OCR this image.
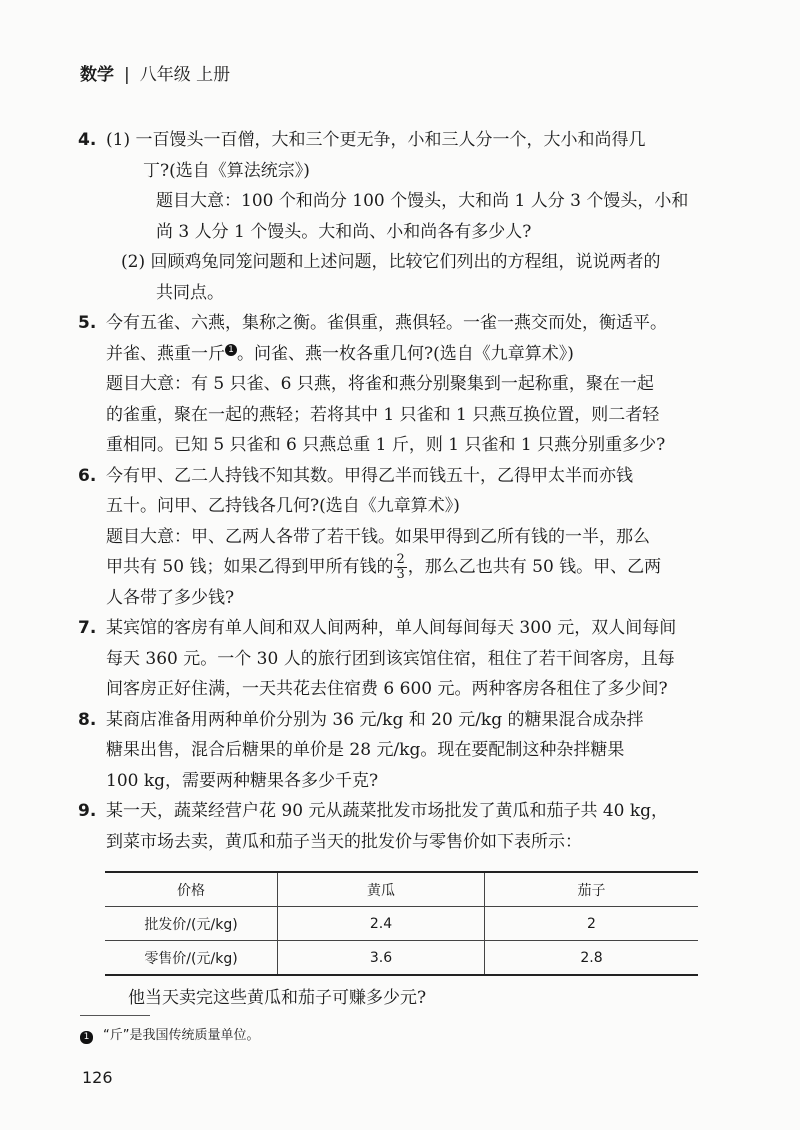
数学 | 八年级 上册
4. (1) 一百馒头一百僧，大和三个更无争，小和三人分一个，大小和尚得几
丁?(选自《算法统宗》)
题目大意：100 个和尚分 100 个馒头，大和尚 1 人分 3 个馒头，小和
尚 3 人分 1 个馒头。大和尚、小和尚各有多少人?
(2) 回顾鸡兔同笼问题和上述问题，比较它们列出的方程组，说说两者的
共同点。
5. 今有五雀、六燕，集称之衡。雀俱重，燕俱轻。一雀一燕交而处，衡适平。
并雀、燕重一斤 1 。问雀、燕一枚各重几何?(选自《九章算术》)
题目大意：有 5 只雀、6 只燕，将雀和燕分别聚集到一起称重，聚在一起
的雀重，聚在一起的燕轻；若将其中 1 只雀和 1 只燕互换位置，则二者轻
重相同。已知 5 只雀和 6 只燕总重 1 斤，则 1 只雀和 1 只燕分别重多少?
6. 今有甲、乙二人持钱不知其数。甲得乙半而钱五十，乙得甲太半而亦钱
五十。问甲、乙持钱各几何?(选自《九章算术》)
题目大意：甲、乙两人各带了若干钱。如果甲得到乙所有钱的一半，那么
甲共有 50 钱；如果乙得到甲所有钱的 $\frac{2}{3}$ ，那么乙也共有 50 钱。甲、乙两
人各带了多少钱?
7. 某宾馆的客房有单人间和双人间两种，单人间每间每天 300 元，双人间每间
每天 360 元。一个 30 人的旅行团到该宾馆住宿，租住了若干间客房，且每
间客房正好住满，一天共花去住宿费 6 600 元。两种客房各租住了多少间?
8. 某商店准备用两种单价分别为 36 元/kg 和 20 元/kg 的糖果混合成杂拌
糖果出售，混合后糖果的单价是 28 元/kg。现在要配制这种杂拌糖果
100 kg，需要两种糖果各多少千克?
9. 某一天，蔬菜经营户花 90 元从蔬菜批发市场批发了黄瓜和茄子共 40 kg，
到菜市场去卖，黄瓜和茄子当天的批发价与零售价如下表所示：
价格	黄瓜	茄子
批发价/(元/kg)	2.4	2
零售价/(元/kg)	3.6	2.8
他当天卖完这些黄瓜和茄子可赚多少元?
1 “斤”是我国传统质量单位。
126
